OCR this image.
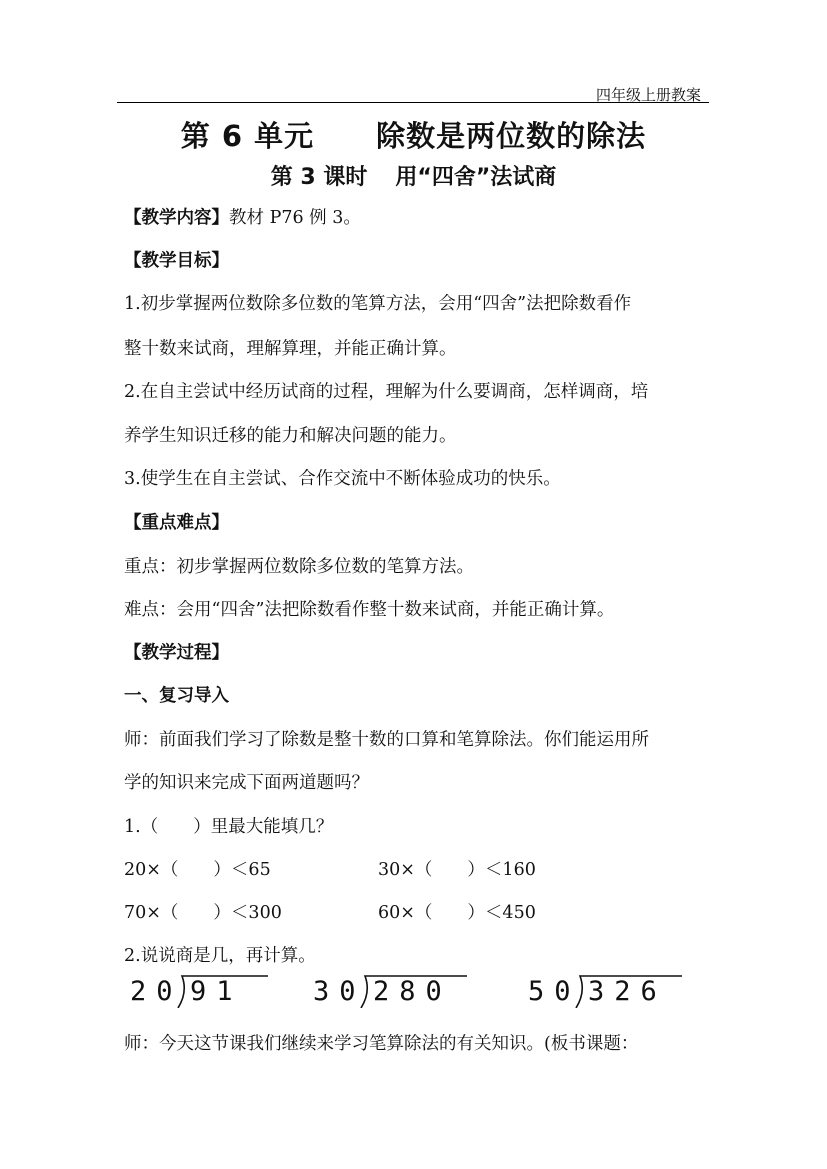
四年级上册教案
第 6 单元 除数是两位数的除法
第 3 课时 用“四舍”法试商
【教学内容】教材 P76 例 3。
【教学目标】
1.初步掌握两位数除多位数的笔算方法，会用“四舍”法把除数看作
整十数来试商，理解算理，并能正确计算。
2.在自主尝试中经历试商的过程，理解为什么要调商，怎样调商，培
养学生知识迁移的能力和解决问题的能力。
3.使学生在自主尝试、合作交流中不断体验成功的快乐。
【重点难点】
重点：初步掌握两位数除多位数的笔算方法。
难点：会用“四舍”法把除数看作整十数来试商，并能正确计算。
【教学过程】
一、复习导入
师：前面我们学习了除数是整十数的口算和笔算除法。你们能运用所
学的知识来完成下面两道题吗？
1.（　　）里最大能填几？
20×（　　）＜65	30×（　　）＜160
70×（　　）＜300	60×（　　）＜450
2.说说商是几，再计算。
20 91	30 280	50 326
师：今天这节课我们继续来学习笔算除法的有关知识。(板书课题：
